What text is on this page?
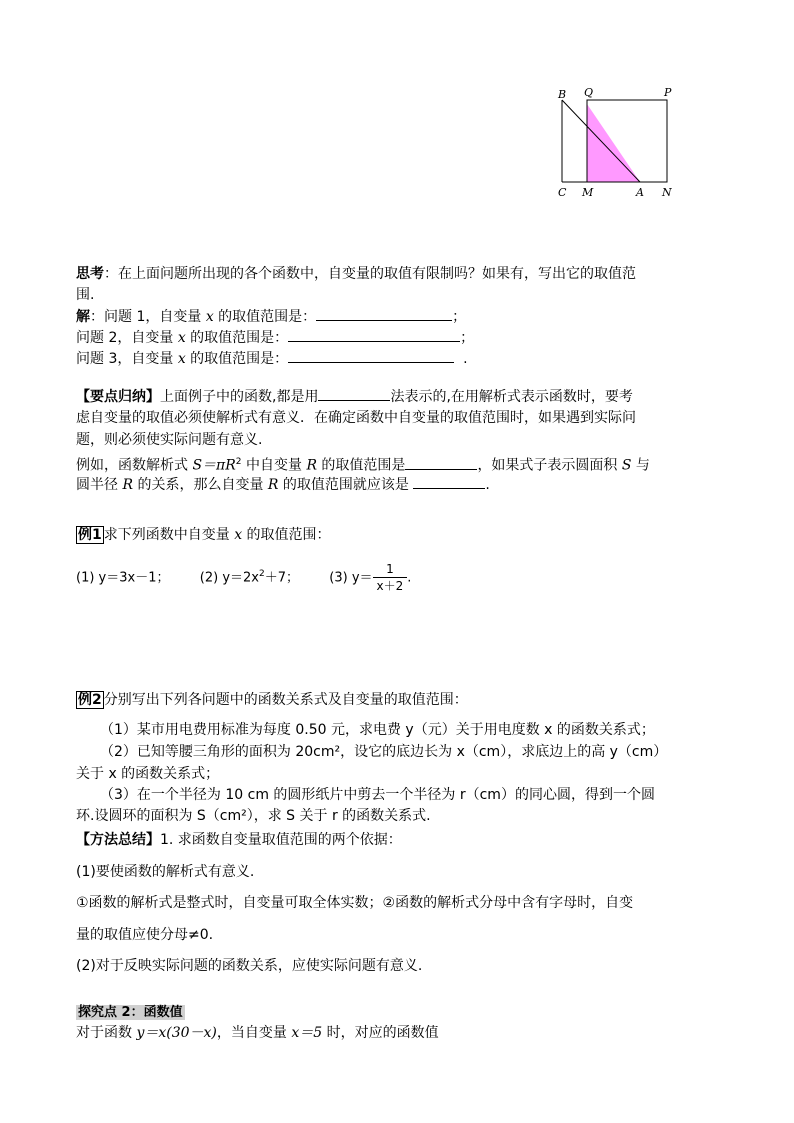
B Q	P
C M	A N
思考：在上面问题所出现的各个函数中，自变量的取值有限制吗？如果有，写出它的取值范
围.
解：问题 1，自变量 x 的取值范围是：	；
问题 2，自变量 x 的取值范围是：	；
问题 3，自变量 x 的取值范围是：	.
【要点归纳】上面例子中的函数,都是用	法表示的,在用解析式表示函数时，要考
虑自变量的取值必须使解析式有意义．在确定函数中自变量的取值范围时，如果遇到实际问
题，则必须使实际问题有意义.
例如，函数解析式 $S=\pi R^2$ 中自变量 R 的取值范围是	，如果式子表示圆面积 S 与
圆半径 R 的关系，那么自变量 R 的取值范围就应该是	.
例1 求下列函数中自变量 x 的取值范围：
(1) y＝3x－1； (2) $y=2x^2+7$； (3) $y= \frac{1}{x+2}$ .
例2 分别写出下列各问题中的函数关系式及自变量的取值范围：
（1）某市用电费用标准为每度 0.50 元，求电费 y（元）关于用电度数 x 的函数关系式；
（2）已知等腰三角形的面积为 20cm²，设它的底边长为 x（cm），求底边上的高 y（cm）
关于 x 的函数关系式；
（3）在一个半径为 10 cm 的圆形纸片中剪去一个半径为 r（cm）的同心圆，得到一个圆
环.设圆环的面积为 S（cm²），求 S 关于 r 的函数关系式.
【方法总结】1. 求函数自变量取值范围的两个依据：
(1)要使函数的解析式有意义.
①函数的解析式是整式时，自变量可取全体实数；②函数的解析式分母中含有字母时，自变
量的取值应使分母≠0.
(2)对于反映实际问题的函数关系，应使实际问题有意义.
探究点 2：函数值
对于函数 y＝x(30－x)，当自变量 x＝5 时，对应的函数值
